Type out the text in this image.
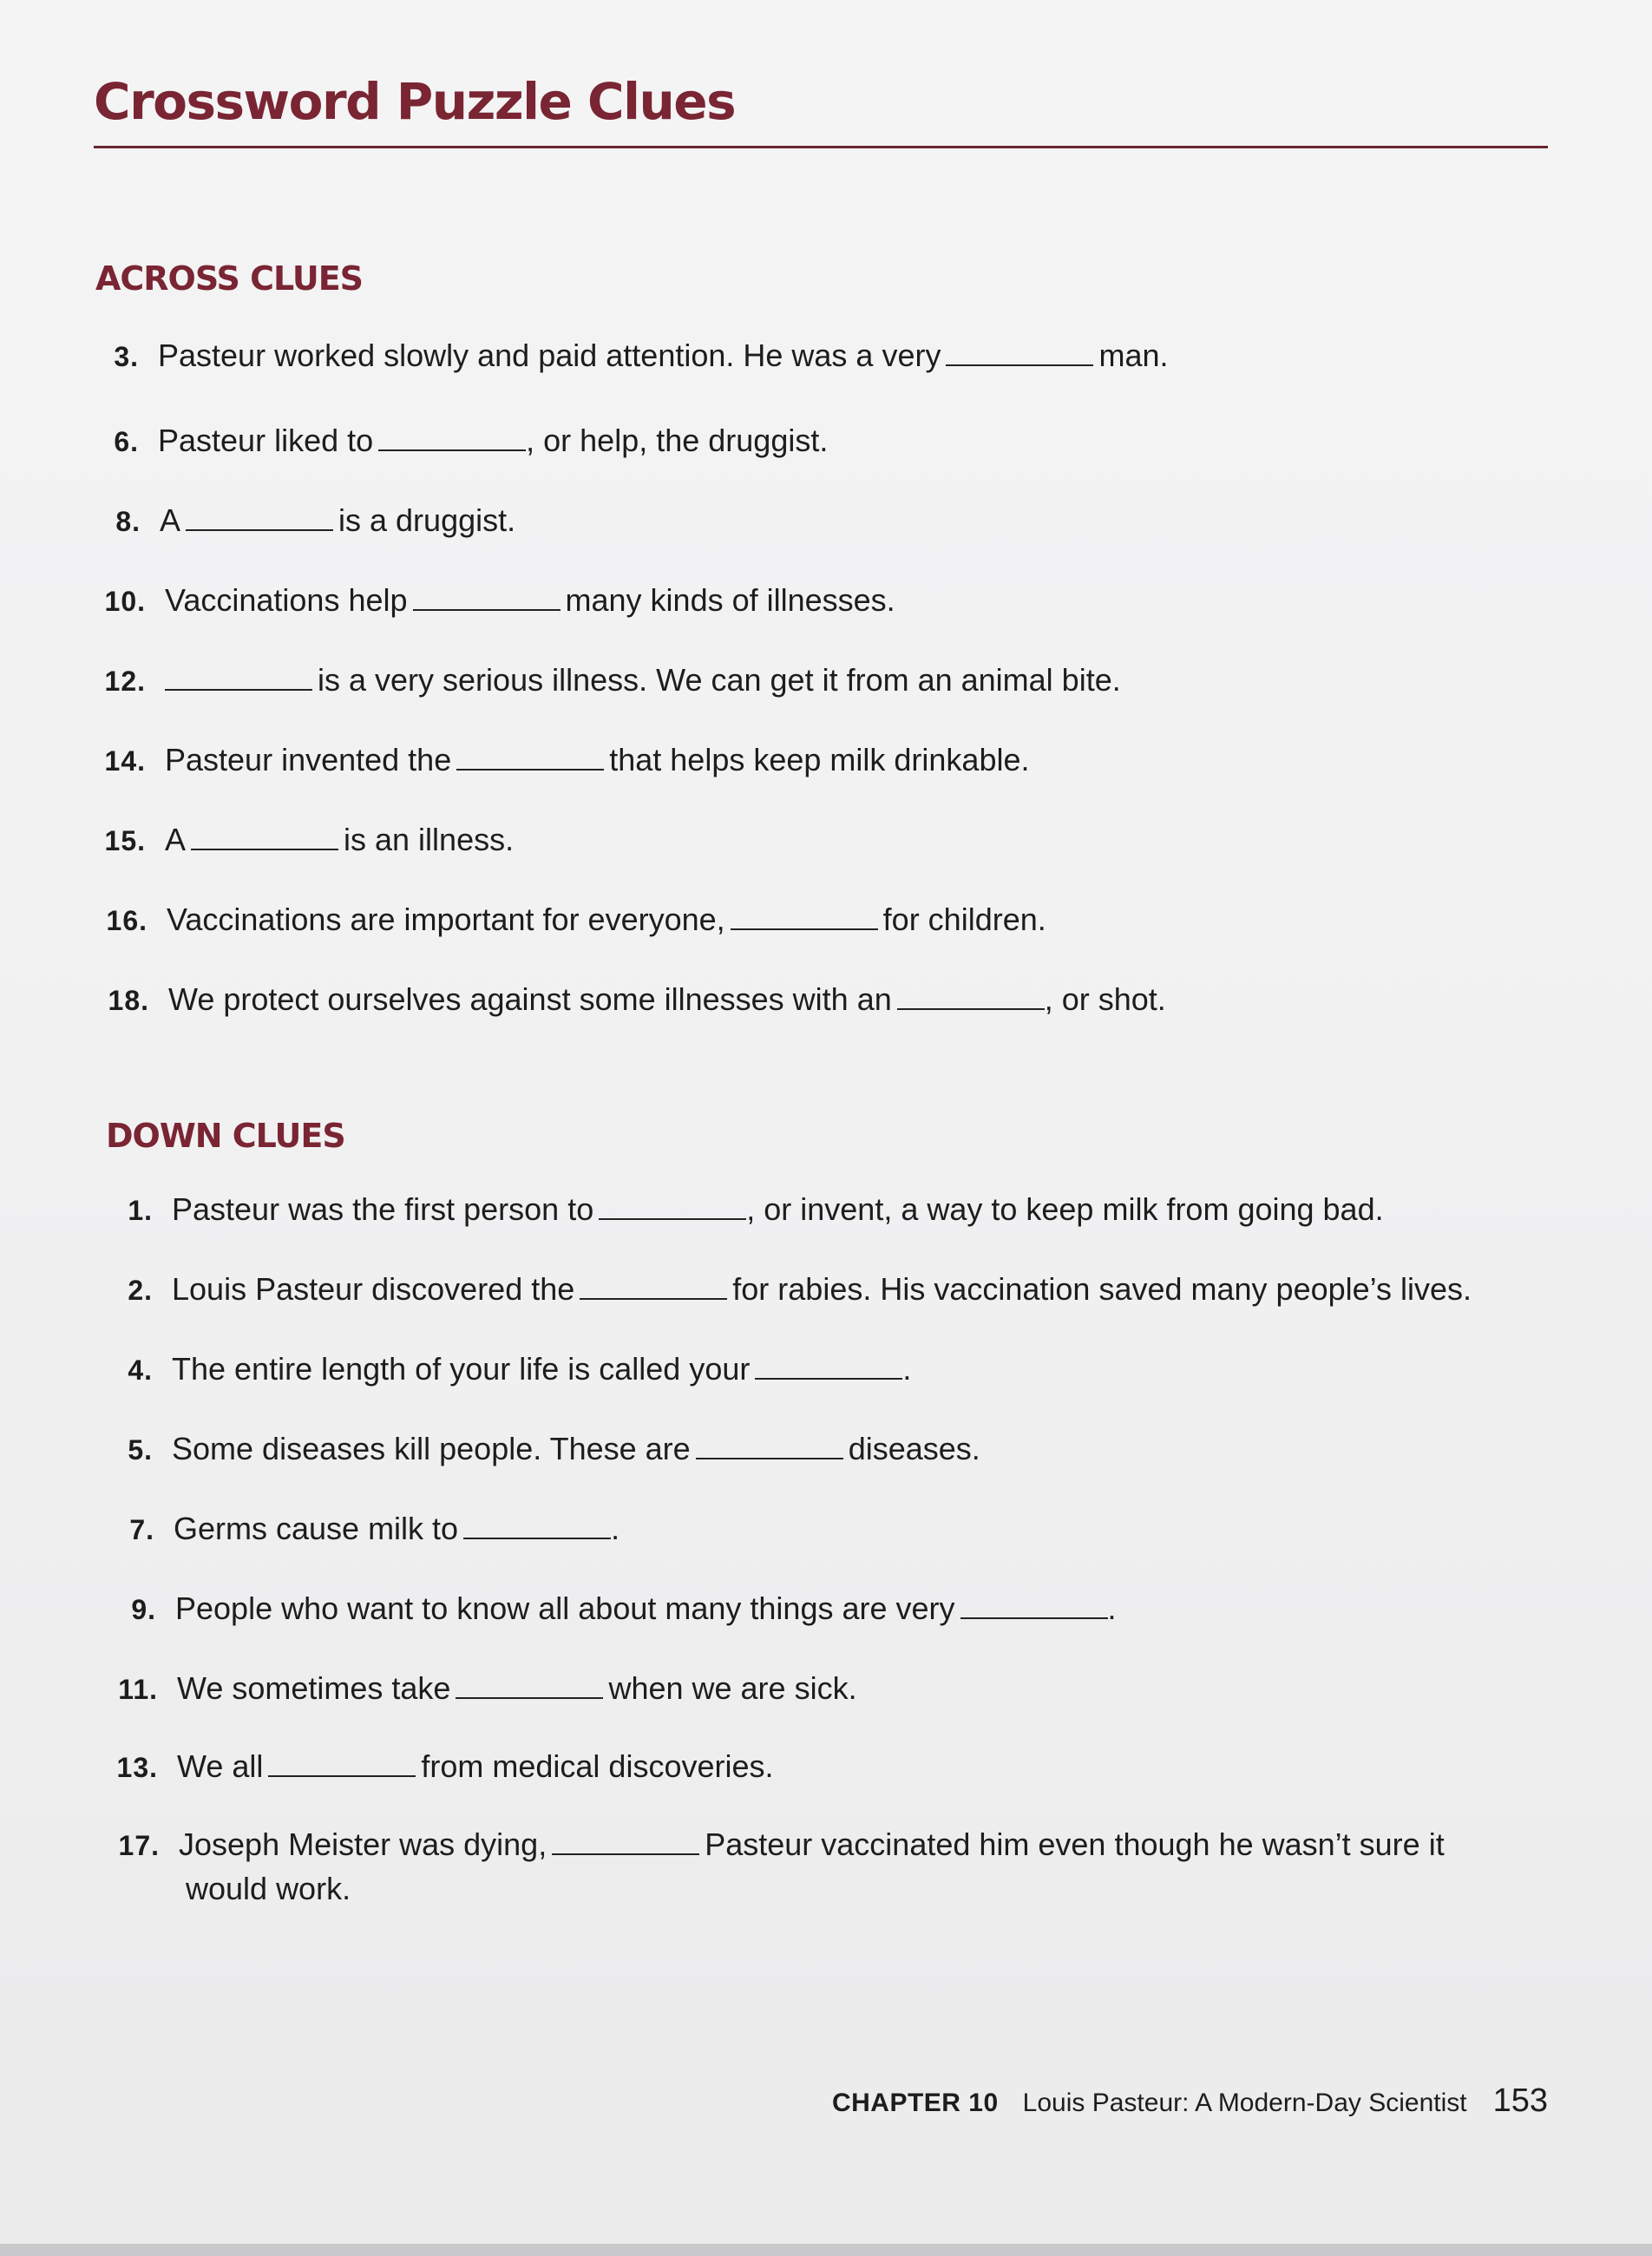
Crossword Puzzle Clues
ACROSS CLUES
3. Pasteur worked slowly and paid attention. He was a very	man.
6. Pasteur liked to	, or help, the druggist.
8. A	is a druggist.
10. Vaccinations help	many kinds of illnesses.
12.	is a very serious illness. We can get it from an animal bite.
14. Pasteur invented the	that helps keep milk drinkable.
15. A	is an illness.
16. Vaccinations are important for everyone,	for children.
18. We protect ourselves against some illnesses with an	, or shot.
DOWN CLUES
1. Pasteur was the first person to	, or invent, a way to keep milk from going bad.
2. Louis Pasteur discovered the	for rabies. His vaccination saved many people’s lives.
4. The entire length of your life is called your	.
5. Some diseases kill people. These are	diseases.
7. Germs cause milk to	.
9. People who want to know all about many things are very	.
11. We sometimes take	when we are sick.
13. We all	from medical discoveries.
17. Joseph Meister was dying,	Pasteur vaccinated him even though he wasn’t sure it
would work.
CHAPTER 10 Louis Pasteur: A Modern-Day Scientist 153
